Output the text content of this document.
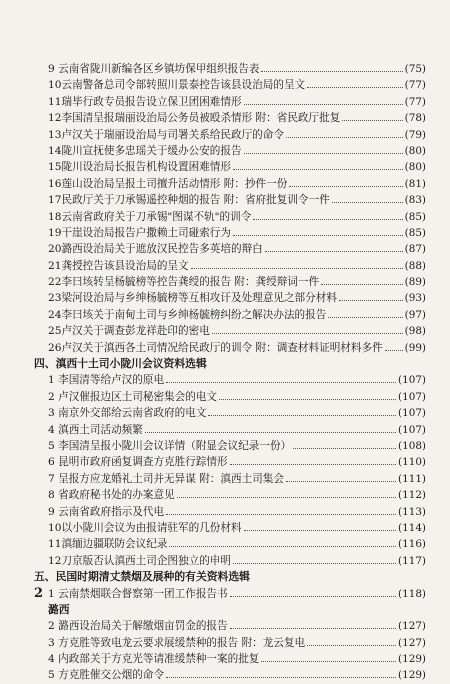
9 云南省陇川新编各区乡镇坊保甲组织报告表	(75)
10云南警备总司令部转照川景泰控告该县设治局的呈文	(77)
11瑞毕行政专员报告设立保卫团困难情形	(77)
12李国清呈报瑞丽设治局公务员被殴杀情形 附：省民政厅批复	(78)
13卢汉关于瑞丽设治局与司署关系给民政厅的命令	(79)
14陇川宣抚使多忠瑶关于缓办公安的报告	(80)
15陇川设治局长报告机构设置困难情形	(80)
16莲山设治局呈报土司擅升活动情形 附：抄件一份	(81)
17民政厅关于刀承锡遥控种烟的报告 附：省府批复训令一件	(83)
18云南省政府关于刀承锡"图谋不轨"的训令	(85)
19干崖设治局报告户撒赖土司碰索行为	(85)
20潞西设治局关于遮放汉民控告多英培的辩白	(87)
21龚授控告该县设治局的呈文	(88)
22李曰垓转呈杨毓榜等控告龚绶的报告 附：龚绶辩词一件	(89)
23梁河设治局与乡绅杨毓榜等互相攻讦及处理意见之部分材料	(93)
24李曰垓关于南甸土司与乡绅杨毓榜纠纷之解决办法的报告	(97)
25卢汉关于调查彭龙祥赴印的密电	(98)
26卢汉关于滇西各土司情况给民政厅的训令 附：调查材料证明材料多件 (99)
四、滇西十土司小陇川会议资料选辑
1 李国清等给卢汉的原电	(107)
2 卢汉催报边区土司秘密集会的电文	(107)
3 南京外交部给云南省政府的电文	(107)
4 滇西土司活动频繁	(107)
5 李国清呈报小陇川会议详情（附显会议纪录一份）	(108)
6 昆明市政府函复调查方克胜行踪情形	(110)
7 呈报方应龙婚礼土司并无异谋 附：滇西土司集会	(111)
8 省政府秘书处的办案意见	(112)
9 云南省政府指示及代电	(113)
10以小陇川会议为由报请驻军的几份材料	(114)
11滇缅边疆联防会议纪录	(116)
12刀京版否认滇西土司企图独立的申明	(117)
五、民国时期清丈禁烟及展种的有关资料选辑
1 云南禁烟联合督察第一团工作报告书	(118)
潞西
2 潞西设治局关于解缴烟亩罚金的报告	(127)
3 方克胜等致电龙云要求展缓禁种的报告 附：龙云复电	(127)
4 内政部关于方克光等请准缓禁种一案的批复	(129)
5 方克胜催交公烟的命令	(129)
2
